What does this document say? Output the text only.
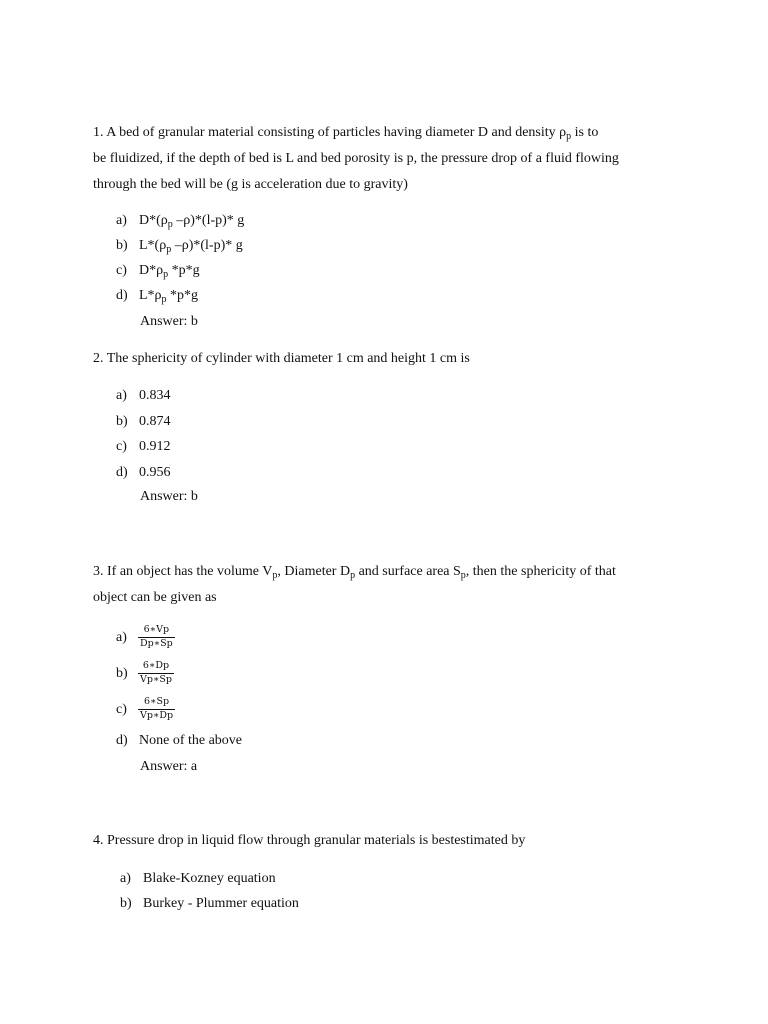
1. A bed of granular material consisting of particles having diameter D and density $\rho_p$ is to
be fluidized, if the depth of bed is L and bed porosity is p, the pressure drop of a fluid flowing
through the bed will be (g is acceleration due to gravity)
a) $D*(\rho_p$ –ρ)*(l-p)* g
b) $L*(\rho_p$ –ρ)*(l-p)* g
c) $D*\rho_p$ *p*g
d) $L*\rho_p$ *p*g
Answer: b
2. The sphericity of cylinder with diameter 1 cm and height 1 cm is
a) 0.834
b) 0.874
c) 0.912
d) 0.956
Answer: b
3. If an object has the volume $V_p$, Diameter $D_p$ and surface area $S_p$, then the sphericity of that
object can be given as
a)
6∗Vp
Dp∗Sp
b)
6∗Dp
Vp∗Sp
c)
6∗Sp
Vp∗Dp
d) None of the above
Answer: a
4. Pressure drop in liquid flow through granular materials is bestestimated by
a) Blake-Kozney equation
b) Burkey - Plummer equation
